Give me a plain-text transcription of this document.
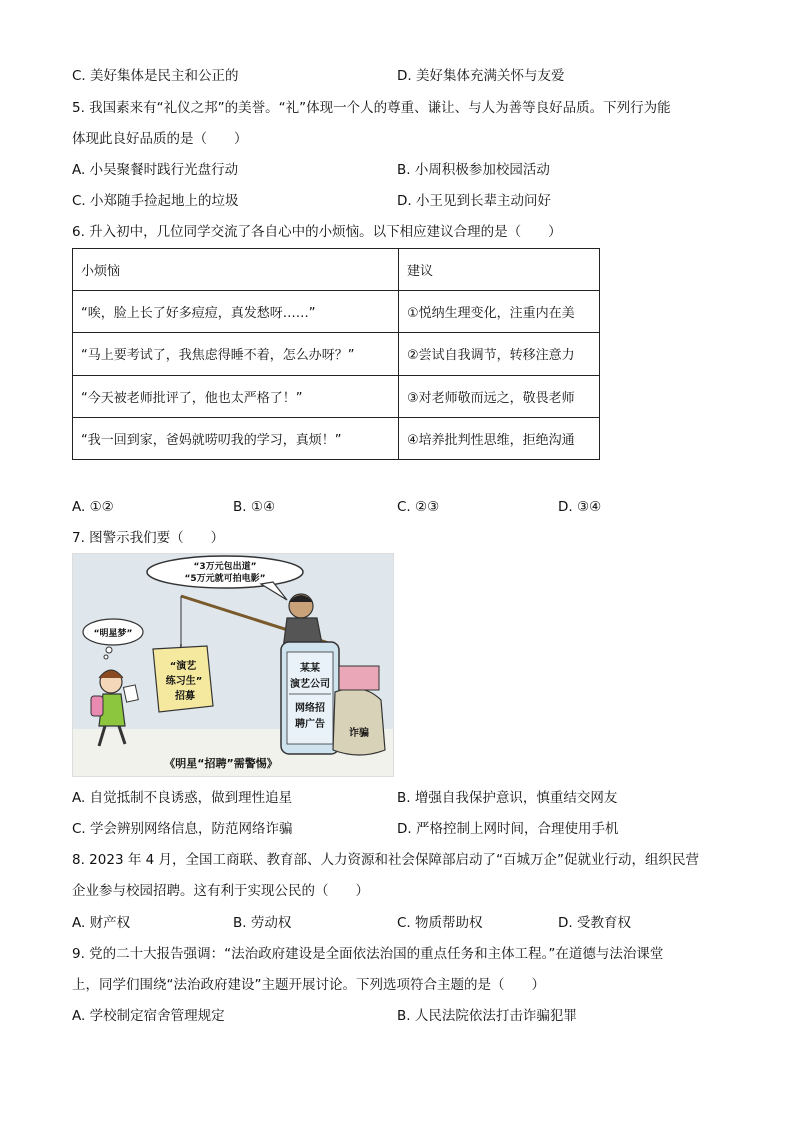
C. 美好集体是民主和公正的	D. 美好集体充满关怀与友爱
5. 我国素来有“礼仪之邦”的美誉。“礼”体现一个人的尊重、谦让、与人为善等良好品质。下列行为能
体现此良好品质的是（　　）
A. 小吴聚餐时践行光盘行动	B. 小周积极参加校园活动
C. 小郑随手捡起地上的垃圾	D. 小王见到长辈主动问好
6. 升入初中，几位同学交流了各自心中的小烦恼。以下相应建议合理的是（　　）
小烦恼	建议
“唉，脸上长了好多痘痘，真发愁呀……”	①悦纳生理变化，注重内在美
“马上要考试了，我焦虑得睡不着，怎么办呀？”	②尝试自我调节，转移注意力
“今天被老师批评了，他也太严格了！”	③对老师敬而远之，敬畏老师
“我一回到家，爸妈就唠叨我的学习，真烦！”	④培养批判性思维，拒绝沟通
A. ①②	B. ①④	C. ②③	D. ③④
7. 图警示我们要（　　）
“3万元包出道”
“5万元就可拍电影”
“明星梦”
“演艺
练习生”
招募
某某
演艺公司
网络招
聘广告
诈骗
《明星“招聘”需警惕》
A. 自觉抵制不良诱惑，做到理性追星	B. 增强自我保护意识，慎重结交网友
C. 学会辨别网络信息，防范网络诈骗	D. 严格控制上网时间，合理使用手机
8. 2023 年 4 月，全国工商联、教育部、人力资源和社会保障部启动了“百城万企”促就业行动，组织民营
企业参与校园招聘。这有利于实现公民的（　　）
A. 财产权	B. 劳动权	C. 物质帮助权	D. 受教育权
9. 党的二十大报告强调：“法治政府建设是全面依法治国的重点任务和主体工程。”在道德与法治课堂
上，同学们围绕“法治政府建设”主题开展讨论。下列选项符合主题的是（　　）
A. 学校制定宿舍管理规定	B. 人民法院依法打击诈骗犯罪
